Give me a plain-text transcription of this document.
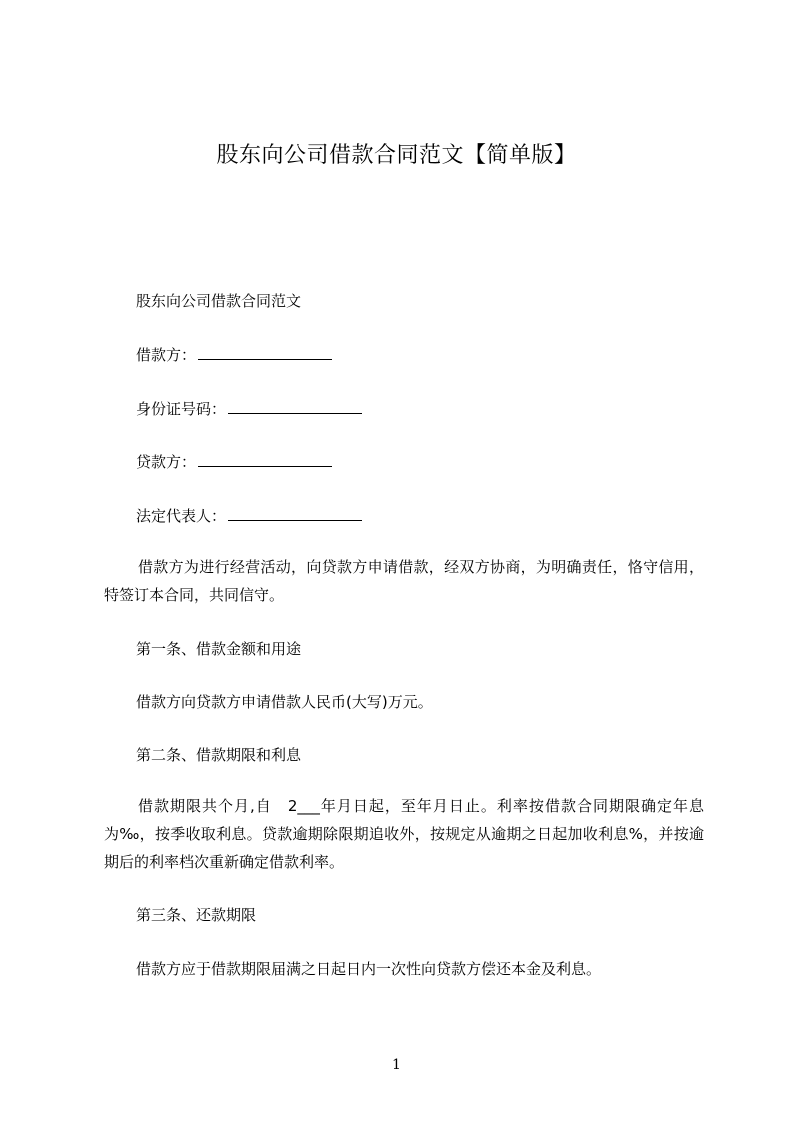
股东向公司借款合同范文【简单版】
股东向公司借款合同范文
借款方：
身份证号码：
贷款方：
法定代表人：
借款方为进行经营活动，向贷款方申请借款，经双方协商，为明确责任，恪守信用，特签订本合同，共同信守。
第一条、借款金额和用途
借款方向贷款方申请借款人民币(大写)万元。
第二条、借款期限和利息
借款期限共个月,自　2___年月日起，至年月日止。利率按借款合同期限确定年息为‰，按季收取利息。贷款逾期除限期追收外，按规定从逾期之日起加收利息%，并按逾期后的利率档次重新确定借款利率。
第三条、还款期限
借款方应于借款期限届满之日起日内一次性向贷款方偿还本金及利息。
1
